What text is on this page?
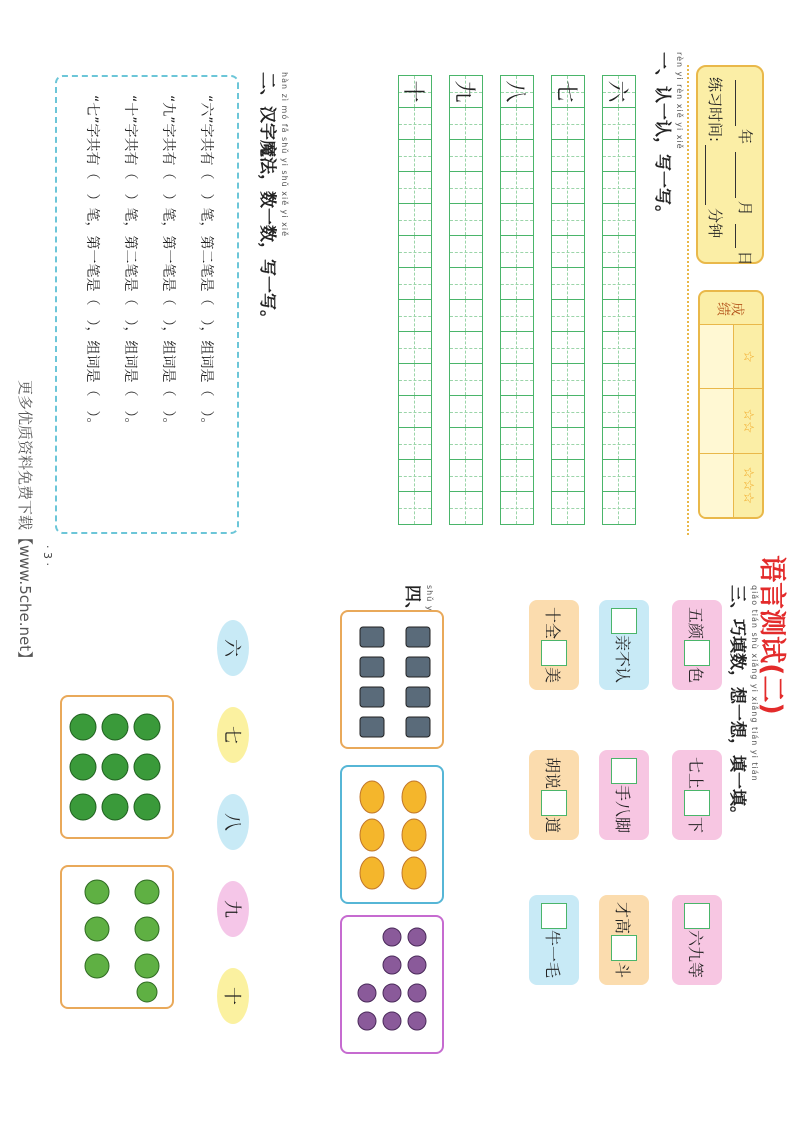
语言测试(二)
年 月 日
练习时间:分钟
成绩
☆
☆☆
☆☆☆
rèn yi rèn xiě yi xiě
一、认一认，写一写。
六
七
八
九
十
hàn zì mó fǎ shǔ yi shǔ xiě yi xiě
二、汉字魔法，数一数，写一写。
“六”字共有（　）笔，第二笔是（　），组词是（　）。
“九”字共有（　）笔，第一笔是（　），组词是（　）。
“十”字共有（　）笔，第二笔是（　），组词是（　）。
“七”字共有（　）笔，第一笔是（　），组词是（　）。
qiǎo tián shù xiǎng yi xiǎng tián yi tián
三、巧填数，想一想，填一填。
五颜
色
七上
下
六九等
亲不认
手八脚
才高
斗
十全
美
胡说
道
牛一毛
shǔ
六
七
八
九
十
· 3 ·
更多优质资料免费下载【www.5che.net】
